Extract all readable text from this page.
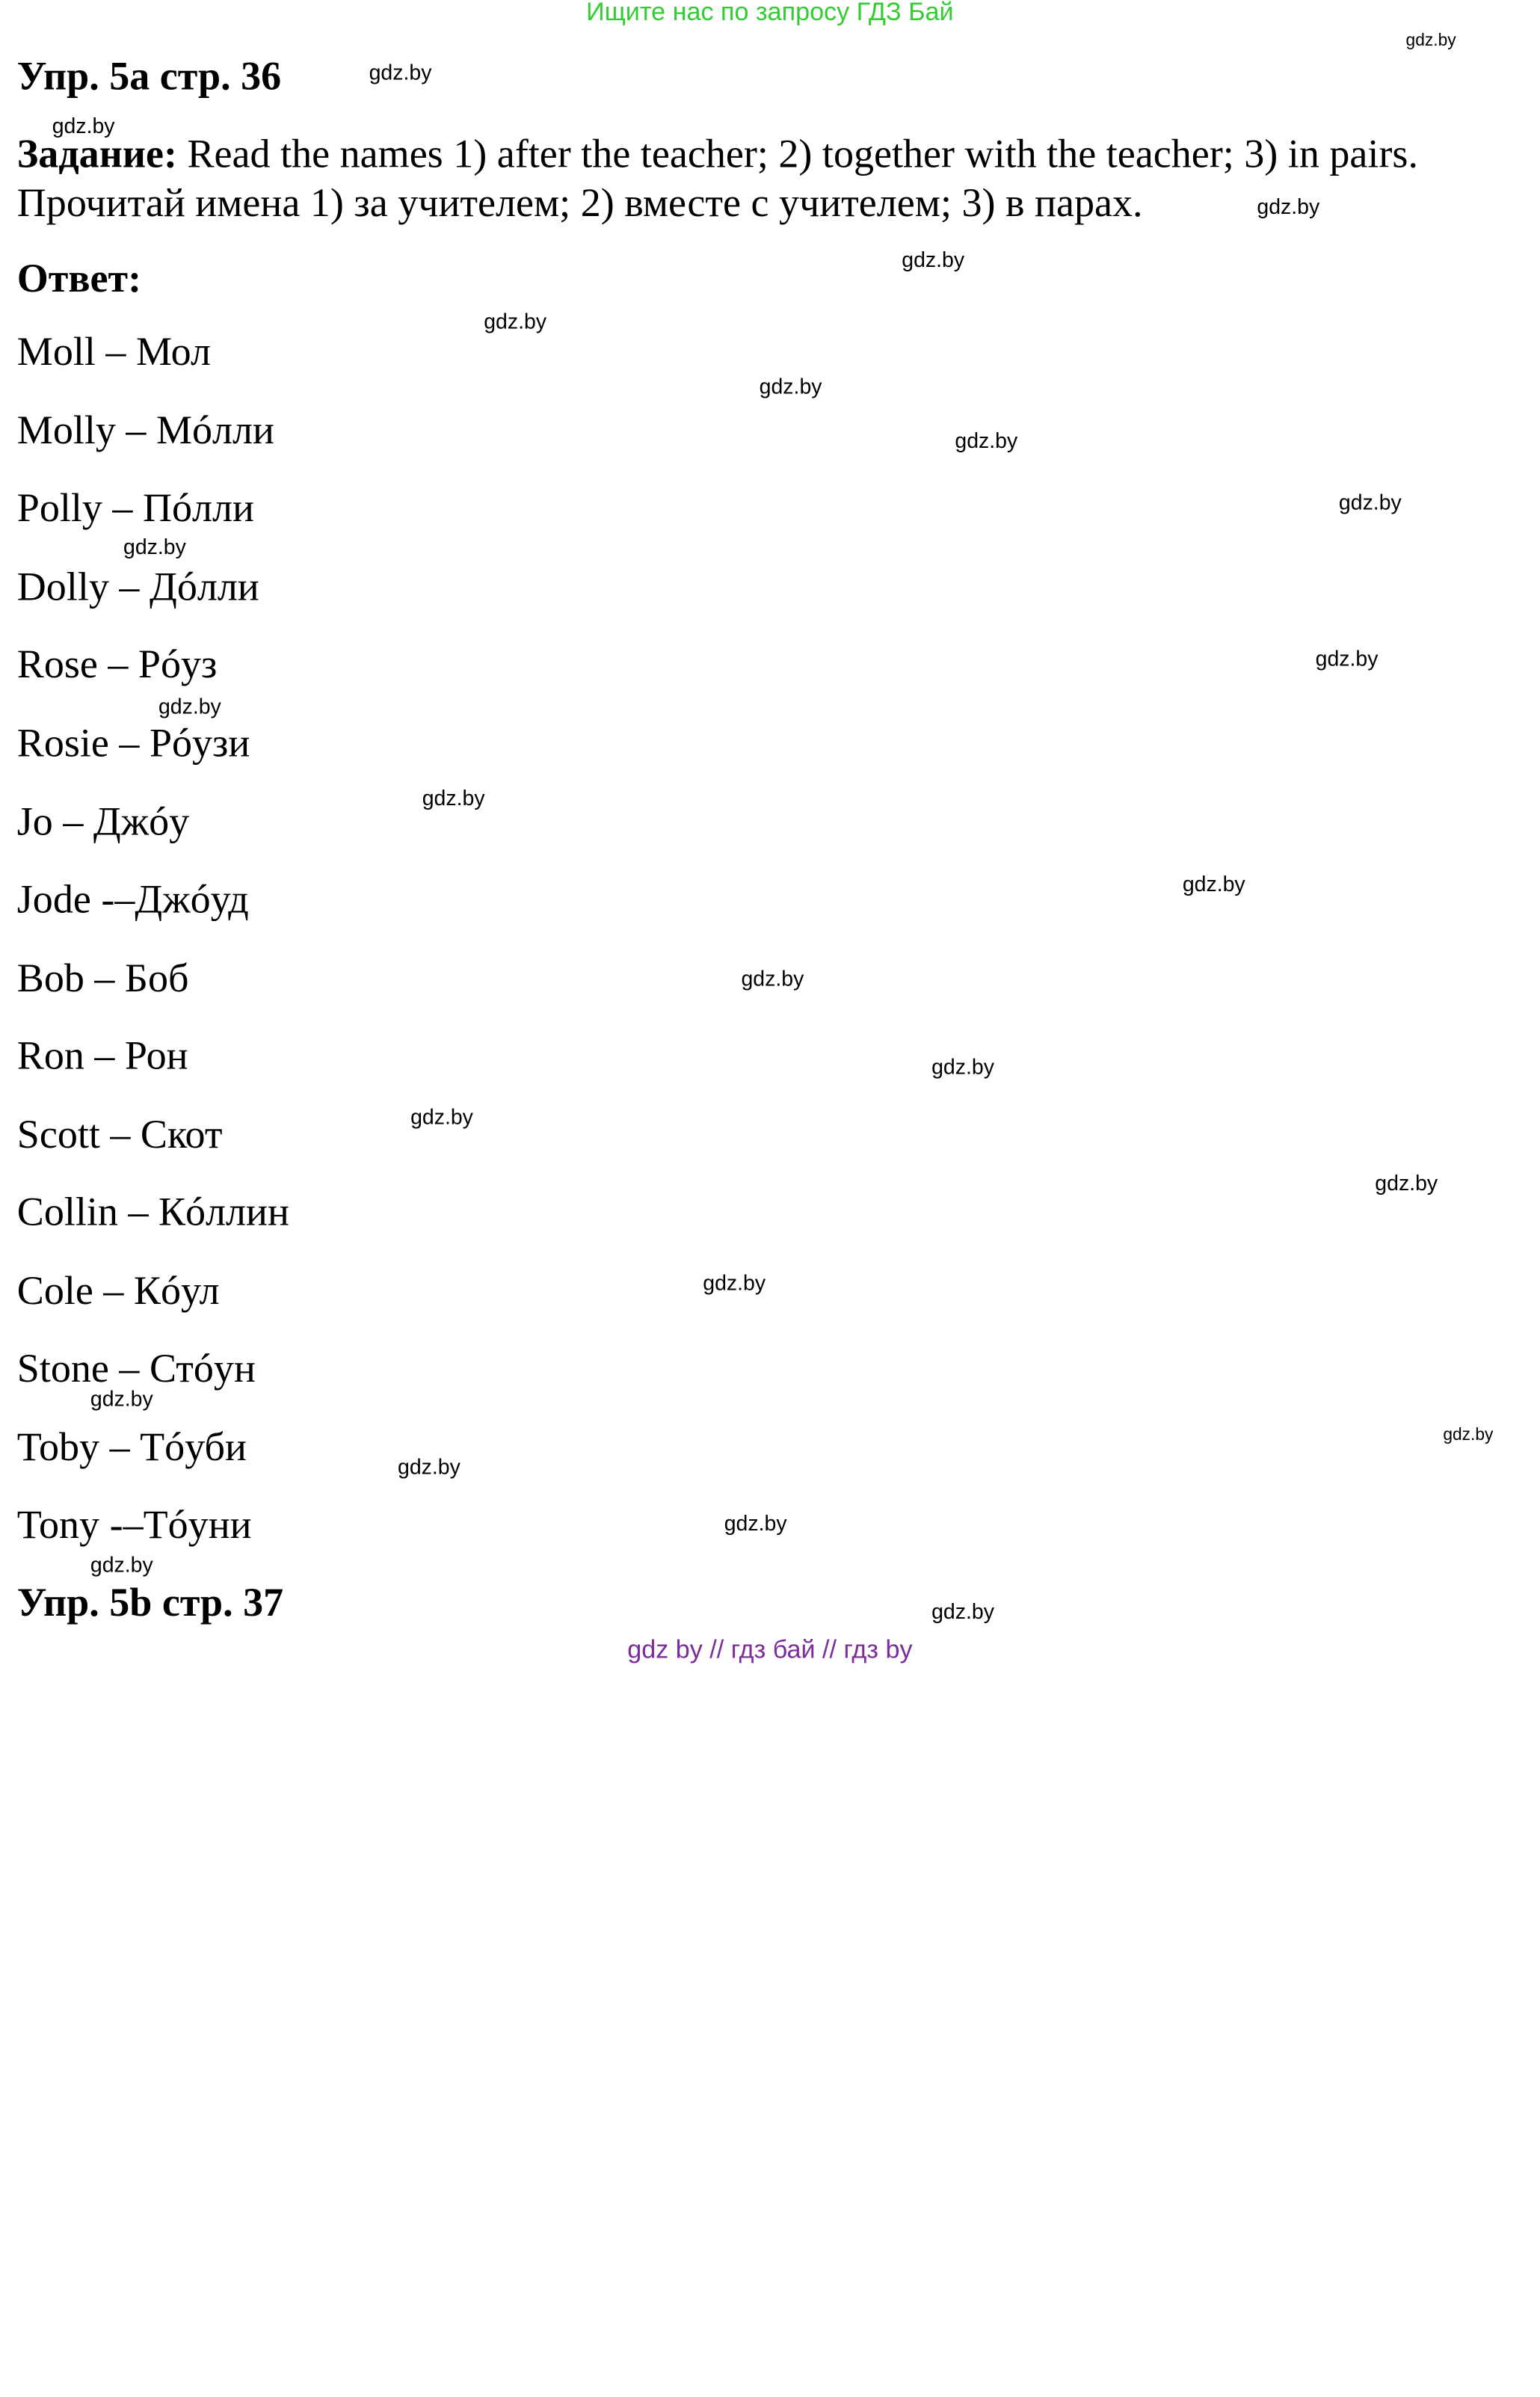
Ищите нас по запросу ГДЗ Бай
Упр. 5a стр. 36
Задание: Read the names 1) after the teacher; 2) together with the teacher; 3) in pairs.
Прочитай имена 1) за учителем; 2) вместе с учителем; 3) в парах.
Ответ:
Moll – Мол
Molly – Мóлли
Polly – Пóлли
Dolly – Дóлли
Rose – Рóуз
Rosie – Рóузи
Jo – Джóу
Jode -–Джóуд
Bob – Боб
Ron – Рон
Scott – Скот
Collin – Кóллин
Cole – Кóул
Stone – Стóун
Toby – Тóуби
Tony -–Тóуни
Упр. 5b стр. 37
gdz.by
gdz.by
gdz.by
gdz.by
gdz.by
gdz.by
gdz.by
gdz.by
gdz.by
gdz.by
gdz.by
gdz.by
gdz.by
gdz.by
gdz.by
gdz.by
gdz.by
gdz.by
gdz.by
gdz.by
gdz.by
gdz.by
gdz.by
gdz.by
gdz.by
gdz by // гдз бай // гдз by
